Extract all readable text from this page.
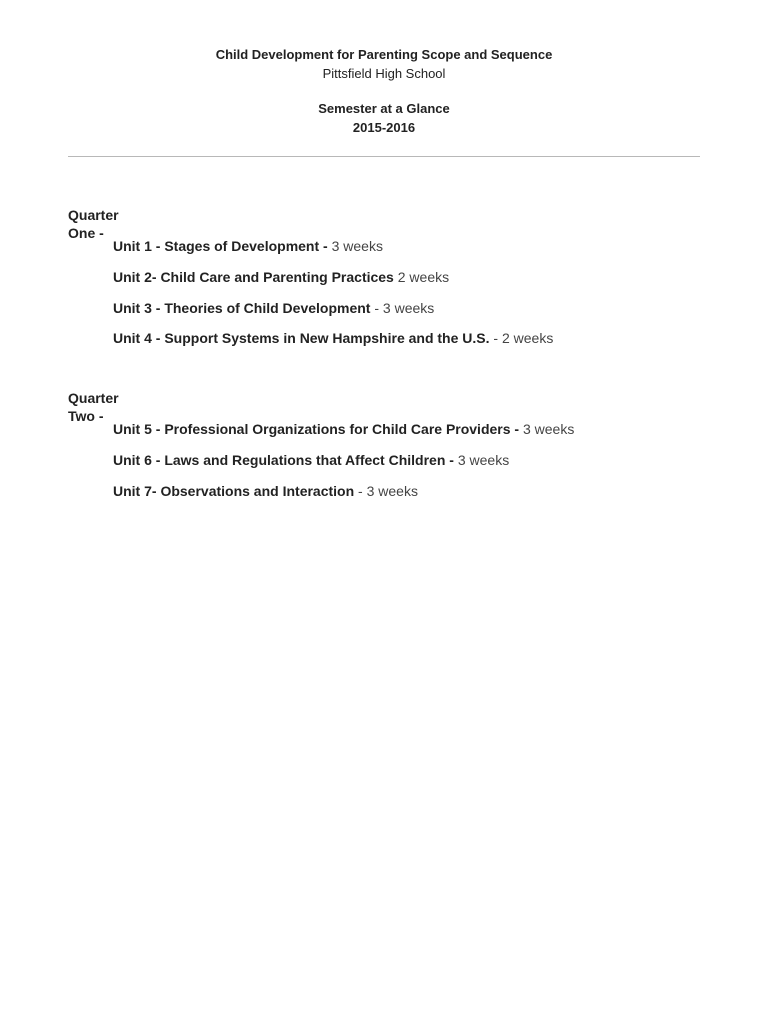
Child Development for Parenting Scope and Sequence
Pittsfield High School
Semester at a Glance
2015-2016
Quarter One -
Unit 1 - Stages of Development - 3 weeks
Unit 2- Child Care and Parenting Practices 2 weeks
Unit 3 - Theories of Child Development - 3 weeks
Unit 4 - Support Systems in New Hampshire and the U.S. - 2 weeks
Quarter Two -
Unit 5 - Professional Organizations for Child Care Providers - 3 weeks
Unit 6 - Laws and Regulations that Affect Children - 3 weeks
Unit 7- Observations and Interaction - 3 weeks
